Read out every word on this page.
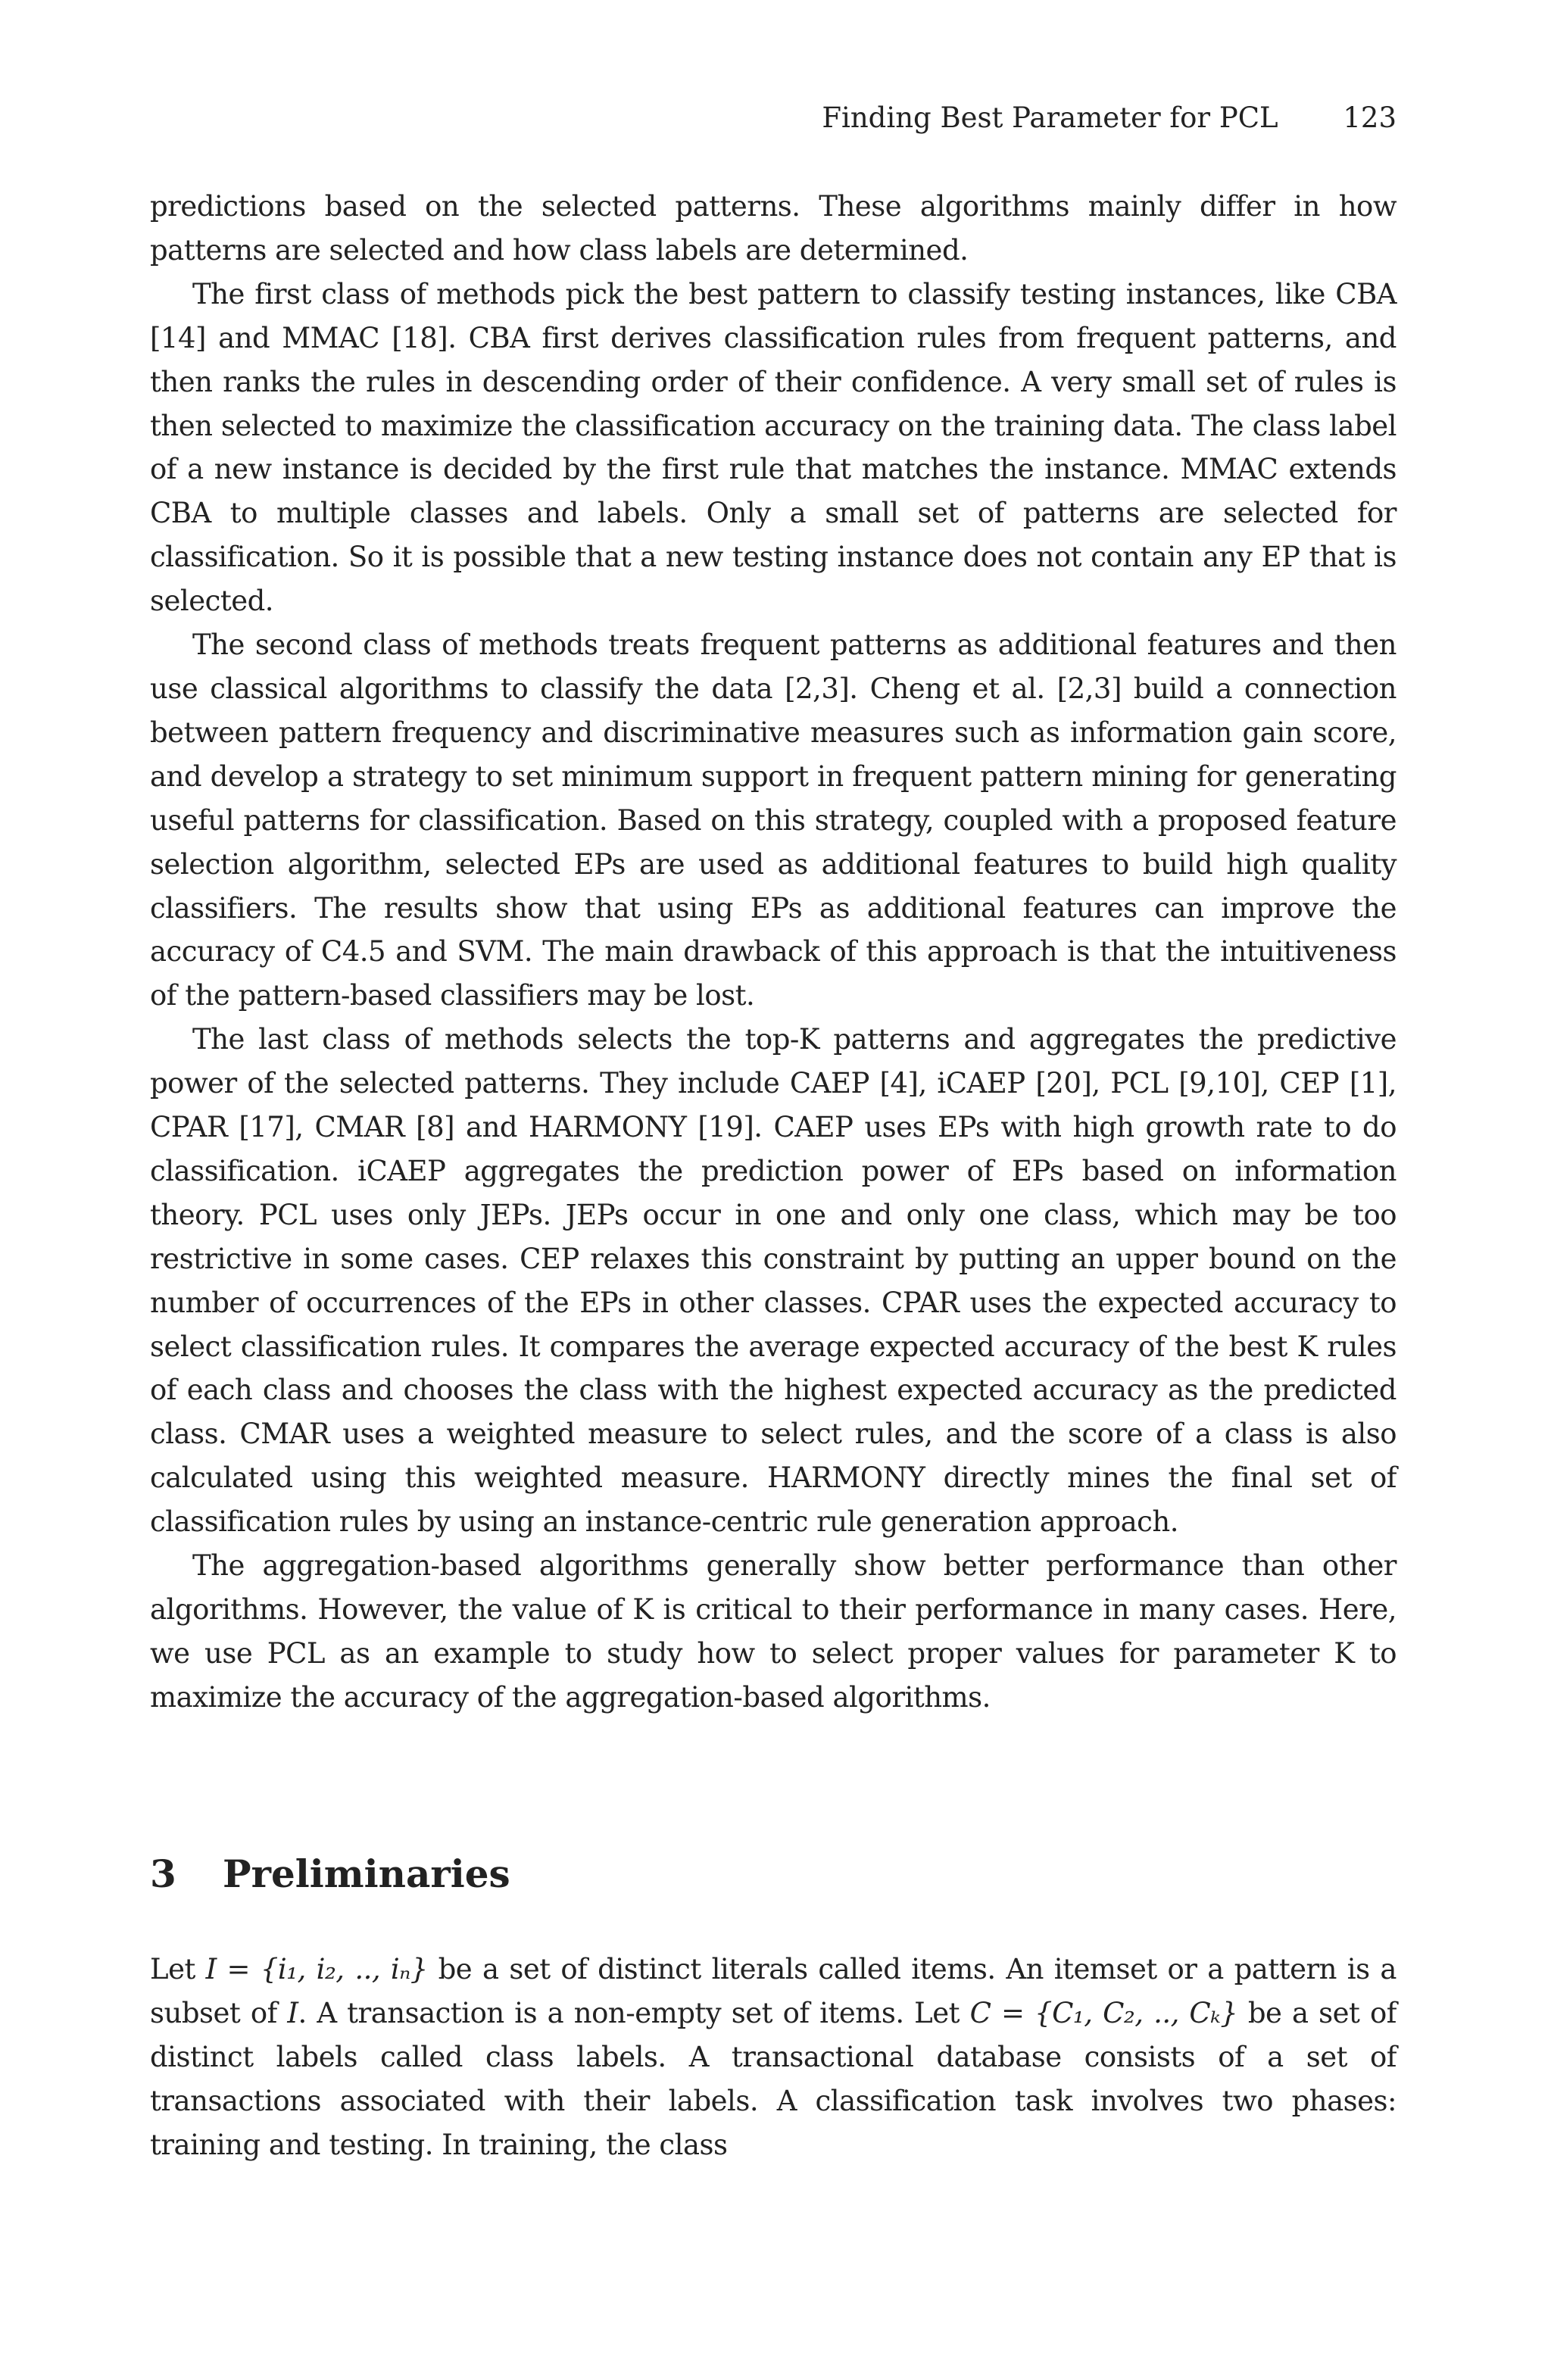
Finding Best Parameter for PCL 123

predictions based on the selected patterns. These algorithms mainly differ in how patterns are selected and how class labels are determined.

The first class of methods pick the best pattern to classify testing instances, like CBA [14] and MMAC [18]. CBA first derives classification rules from frequent patterns, and then ranks the rules in descending order of their confidence. A very small set of rules is then selected to maximize the classification accuracy on the training data. The class label of a new instance is decided by the first rule that matches the instance. MMAC extends CBA to multiple classes and labels. Only a small set of patterns are selected for classification. So it is possible that a new testing instance does not contain any EP that is selected.

The second class of methods treats frequent patterns as additional features and then use classical algorithms to classify the data [2,3]. Cheng et al. [2,3] build a connection between pattern frequency and discriminative measures such as information gain score, and develop a strategy to set minimum support in frequent pattern mining for generating useful patterns for classification. Based on this strategy, coupled with a proposed feature selection algorithm, selected EPs are used as additional features to build high quality classifiers. The results show that using EPs as additional features can improve the accuracy of C4.5 and SVM. The main drawback of this approach is that the intuitiveness of the pattern-based classifiers may be lost.

The last class of methods selects the top-K patterns and aggregates the predictive power of the selected patterns. They include CAEP [4], iCAEP [20], PCL [9,10], CEP [1], CPAR [17], CMAR [8] and HARMONY [19]. CAEP uses EPs with high growth rate to do classification. iCAEP aggregates the prediction power of EPs based on information theory. PCL uses only JEPs. JEPs occur in one and only one class, which may be too restrictive in some cases. CEP relaxes this constraint by putting an upper bound on the number of occurrences of the EPs in other classes. CPAR uses the expected accuracy to select classification rules. It compares the average expected accuracy of the best K rules of each class and chooses the class with the highest expected accuracy as the predicted class. CMAR uses a weighted measure to select rules, and the score of a class is also calculated using this weighted measure. HARMONY directly mines the final set of classification rules by using an instance-centric rule generation approach.

The aggregation-based algorithms generally show better performance than other algorithms. However, the value of K is critical to their performance in many cases. Here, we use PCL as an example to study how to select proper values for parameter K to maximize the accuracy of the aggregation-based algorithms.

3 Preliminaries

Let I = {i₁, i₂, .., iₙ} be a set of distinct literals called items. An itemset or a pattern is a subset of I. A transaction is a non-empty set of items. Let C = {C₁, C₂, .., Cₖ} be a set of distinct labels called class labels. A transactional database consists of a set of transactions associated with their labels. A classification task involves two phases: training and testing. In training, the class
